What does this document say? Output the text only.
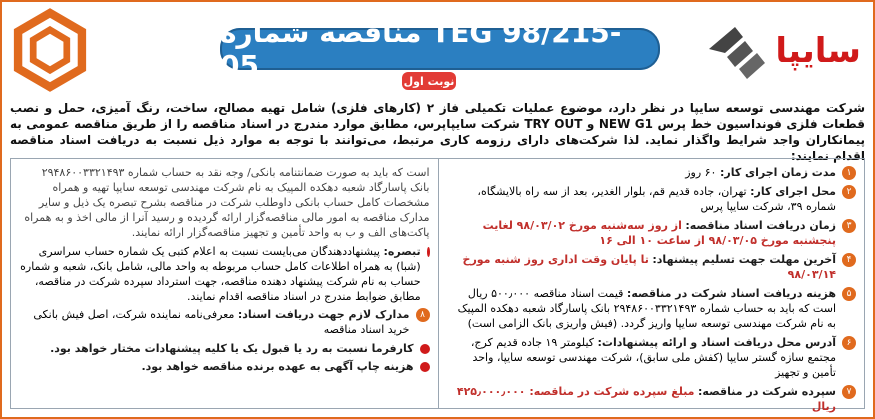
سایپا
مناقصه شماره TEG 98/215-05	نوبت اول
شرکت مهندسی توسعه سایپا در نظر دارد، موضوع عملیات تکمیلی فاز ۲ (کارهای فلزی) شامل تهیه مصالح، ساخت، رنگ آمیزی، حمل و نصب قطعات فلزی فونداسیون خط پرس NEW G1 و TRY OUT شرکت سایپاپرس، مطابق موارد مندرج در اسناد مناقصه را از طریق مناقصه عمومی به پیمانکاران واجد شرایط واگذار نماید. لذا شرکت‌های دارای رزومه کاری مرتبط، می‌توانند با توجه به موارد ذیل نسبت به دریافت اسناد مناقصه اقدام نمایند:
۱
مدت زمان اجرای کار: ۶۰ روز
۲
محل اجرای کار: تهران، جاده قدیم قم، بلوار الغدیر، بعد از سه راه بالایشگاه، شماره ۳۹، شرکت سایپا پرس
۳
زمان دریافت اسناد مناقصه: از روز سه‌شنبه مورخ ۹۸/۰۳/۰۲ لغایت پنجشنبه مورخ ۹۸/۰۳/۰۵ از ساعت ۱۰ الی ۱۶
۴
آخرین مهلت جهت تسلیم پیشنهاد: تا پایان وقت اداری روز شنبه مورخ ۹۸/۰۳/۱۴
۵
هزینه دریافت اسناد شرکت در مناقصه: قیمت اسناد مناقصه ۵۰۰٫۰۰۰ ریال است که باید به حساب شماره ۲۹۴۸۶۰۰۳۳۲۱۴۹۳ بانک پاسارگاد شعبه دهکده المپیک به نام شرکت مهندسی توسعه سایپا واریز گردد. (فیش واریزی بانک الزامی است)
۶
آدرس محل دریافت اسناد و ارائه پیشنهادات: کیلومتر ۱۹ جاده قدیم کرج، مجتمع سازه گستر سایپا (کفش ملی سابق)، شرکت مهندسی توسعه سایپا، واحد تأمین و تجهیز
۷
سپرده شرکت در مناقصه: مبلغ سپرده شرکت در مناقصه: ۴۲۵٫۰۰۰٫۰۰۰ ریال
است که باید به صورت ضمانتنامه بانکی/ وجه نقد به حساب شماره ۲۹۴۸۶۰۰۳۳۲۱۴۹۳ بانک پاسارگاد شعبه دهکده المپیک به نام شرکت مهندسی توسعه سایپا تهیه و همراه مشخصات کامل حساب بانکی داوطلب شرکت در مناقصه بشرح تبصره یک ذیل و سایر مدارک مناقصه به امور مالی مناقصه‌گزار ارائه گردیده و رسید آنرا از مالی اخذ و به همراه پاکت‌های الف و ب به واحد تأمین و تجهیز مناقصه‌گزار ارائه نمایند.
تبصره: پیشنهاددهندگان می‌بایست نسبت به اعلام کتبی یک شماره حساب سراسری (شبا) به همراه اطلاعات کامل حساب مربوطه به واحد مالی، شامل بانک، شعبه و شماره حساب به نام شرکت پیشنهاد دهنده مناقصه، جهت استرداد سپرده شرکت در مناقصه، مطابق ضوابط مندرج در اسناد مناقصه اقدام نمایند.
۸
مدارک لازم جهت دریافت اسناد: معرفی‌نامه نماینده شرکت، اصل فیش بانکی خرید اسناد مناقصه
کارفرما نسبت به رد یا قبول یک یا کلیه پیشنهادات مختار خواهد بود.
هزینه چاپ آگهی به عهده برنده مناقصه خواهد بود.
